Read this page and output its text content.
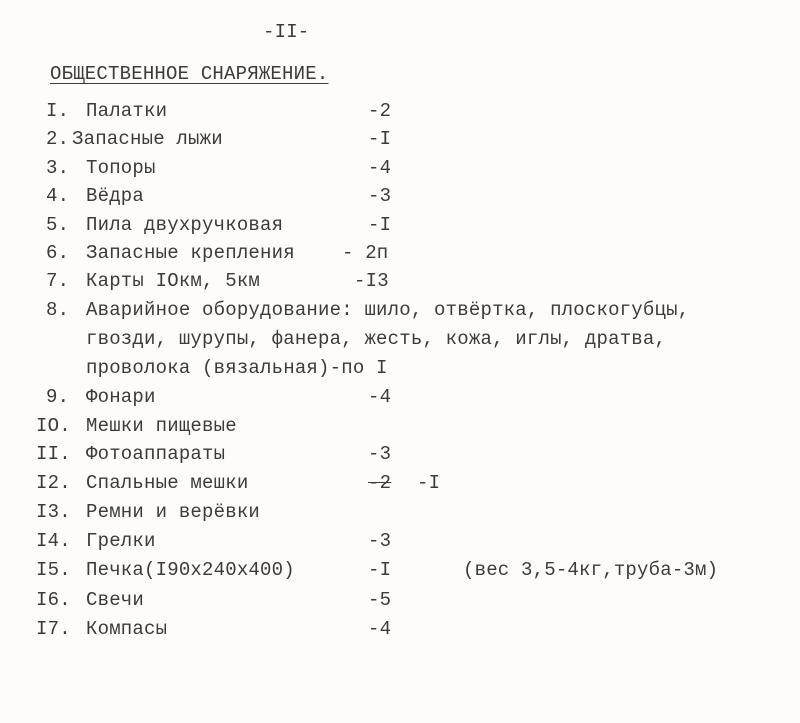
-II-
ОБЩЕСТВЕННОЕ СНАРЯЖЕНИЕ.
I. Палатки	-2
2. Запасные лыжи	-I
3. Топоры	-4
4. Вёдра	-3
5. Пила двухручковая	-I
6. Запасные крепления - 2п
7. Карты IOкм, 5км	-I3
8. Аварийное оборудование: шило, отвёртка, плоскогубцы,
гвозди, шурупы, фанера, жесть, кожа, иглы, дратва,
проволока (вязальная)-по I
9. Фонари	-4
IO. Мешки пищевые
II. Фотоаппараты	-3
I2. Спальные мешки	-2 -I
I3. Ремни и верёвки
I4. Грелки	-3
I5. Печка(I90x240x400)	-I	(вес 3,5-4кг,труба-3м)
I6. Свечи	-5
I7. Компасы	-4
